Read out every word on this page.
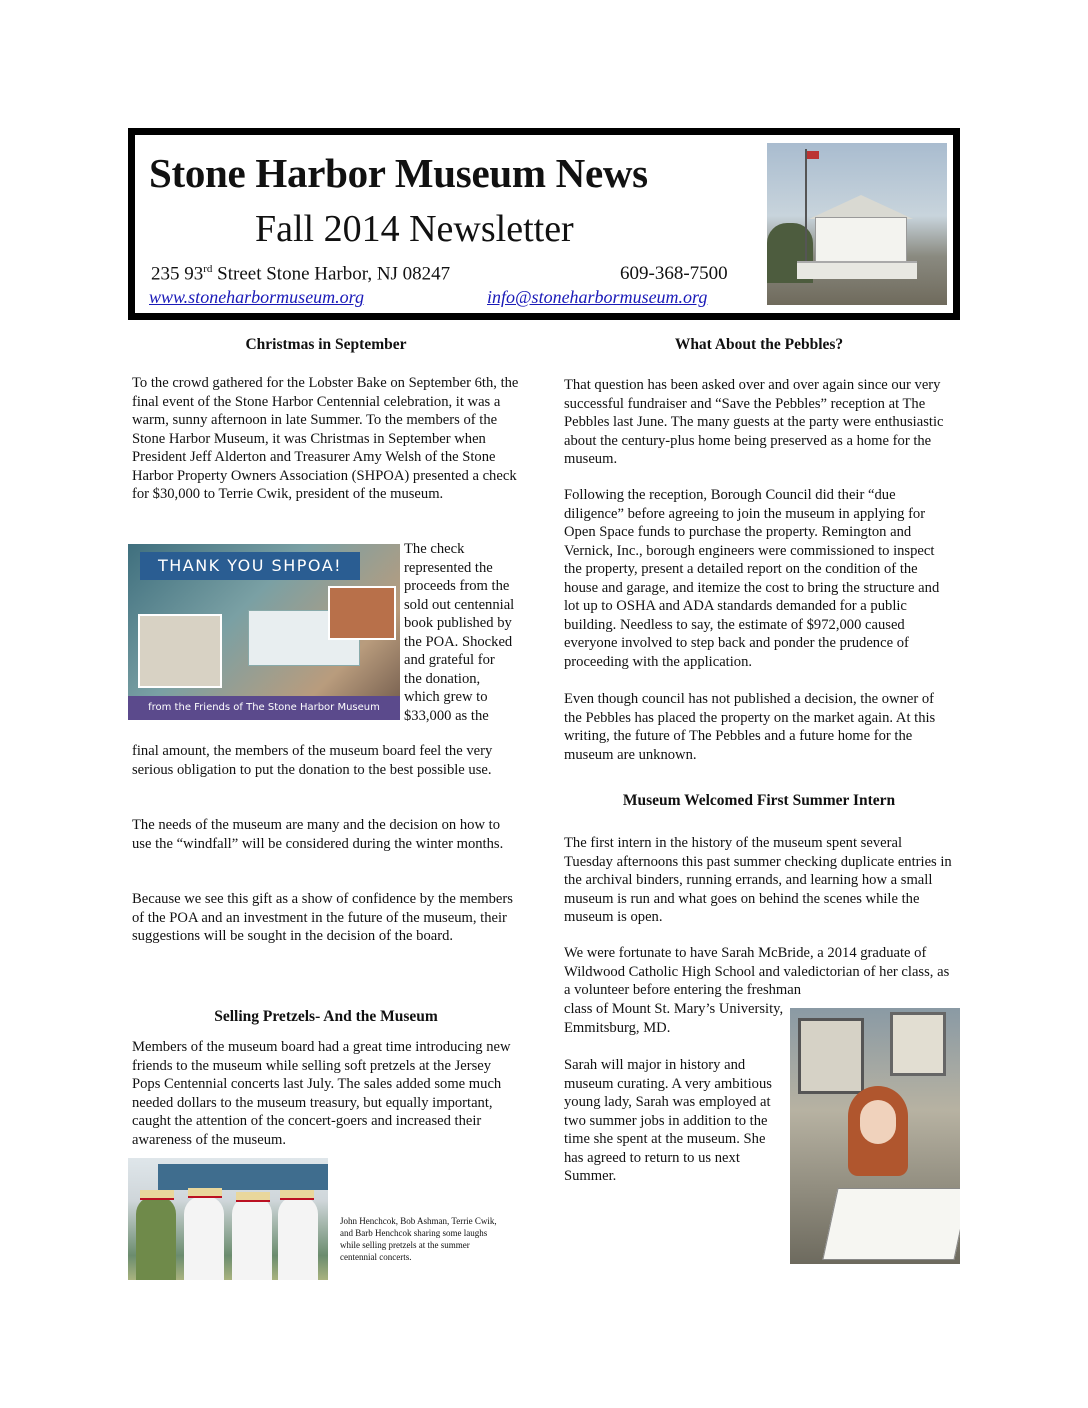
Stone Harbor Museum News
Fall 2014 Newsletter
235 93rd Street Stone Harbor, NJ 08247	609-368-7500
www.stoneharbormuseum.org	info@stoneharbormuseum.org
Christmas in September

To the crowd gathered for the Lobster Bake on September 6th, the final event of the Stone Harbor Centennial celebration, it was a warm, sunny afternoon in late Summer. To the members of the Stone Harbor Museum, it was Christmas in September when President Jeff Alderton and Treasurer Amy Welsh of the Stone Harbor Property Owners Association (SHPOA) presented a check for $30,000 to Terrie Cwik, president of the museum.

THANK YOU SHPOA!
from the Friends of The Stone Harbor Museum

The check represented the proceeds from the sold out centennial book published by the POA. Shocked and grateful for the donation, which grew to $33,000 as the

final amount, the members of the museum board feel the very serious obligation to put the donation to the best possible use.

The needs of the museum are many and the decision on how to use the “windfall” will be considered during the winter months.

Because we see this gift as a show of confidence by the members of the POA and an investment in the future of the museum, their suggestions will be sought in the decision of the board.

Selling Pretzels- And the Museum

Members of the museum board had a great time introducing new friends to the museum while selling soft pretzels at the Jersey Pops Centennial concerts last July. The sales added some much needed dollars to the museum treasury, but equally important, caught the attention of the concert-goers and increased their awareness of the museum.

John Henchcok, Bob Ashman, Terrie Cwik, and Barb Henchcok sharing some laughs while selling pretzels at the summer centennial concerts.
What About the Pebbles?

That question has been asked over and over again since our very successful fundraiser and “Save the Pebbles” reception at The Pebbles last June. The many guests at the party were enthusiastic about the century-plus home being preserved as a home for the museum.

Following the reception, Borough Council did their “due diligence” before agreeing to join the museum in applying for Open Space funds to purchase the property. Remington and Vernick, Inc., borough engineers were commissioned to inspect the property, present a detailed report on the condition of the house and garage, and itemize the cost to bring the structure and lot up to OSHA and ADA standards demanded for a public building. Needless to say, the estimate of $972,000 caused everyone involved to step back and ponder the prudence of proceeding with the application.

Even though council has not published a decision, the owner of the Pebbles has placed the property on the market again. At this writing, the future of The Pebbles and a future home for the museum are unknown.

Museum Welcomed First Summer Intern

The first intern in the history of the museum spent several Tuesday afternoons this past summer checking duplicate entries in the archival binders, running errands, and learning how a small museum is run and what goes on behind the scenes while the museum is open.

We were fortunate to have Sarah McBride, a 2014 graduate of Wildwood Catholic High School and valedictorian of her class, as a volunteer before entering the freshman

class of Mount St. Mary’s University, Emmitsburg, MD.

Sarah will major in history and museum curating. A very ambitious young lady, Sarah was employed at two summer jobs in addition to the time she spent at the museum. She has agreed to return to us next Summer.
